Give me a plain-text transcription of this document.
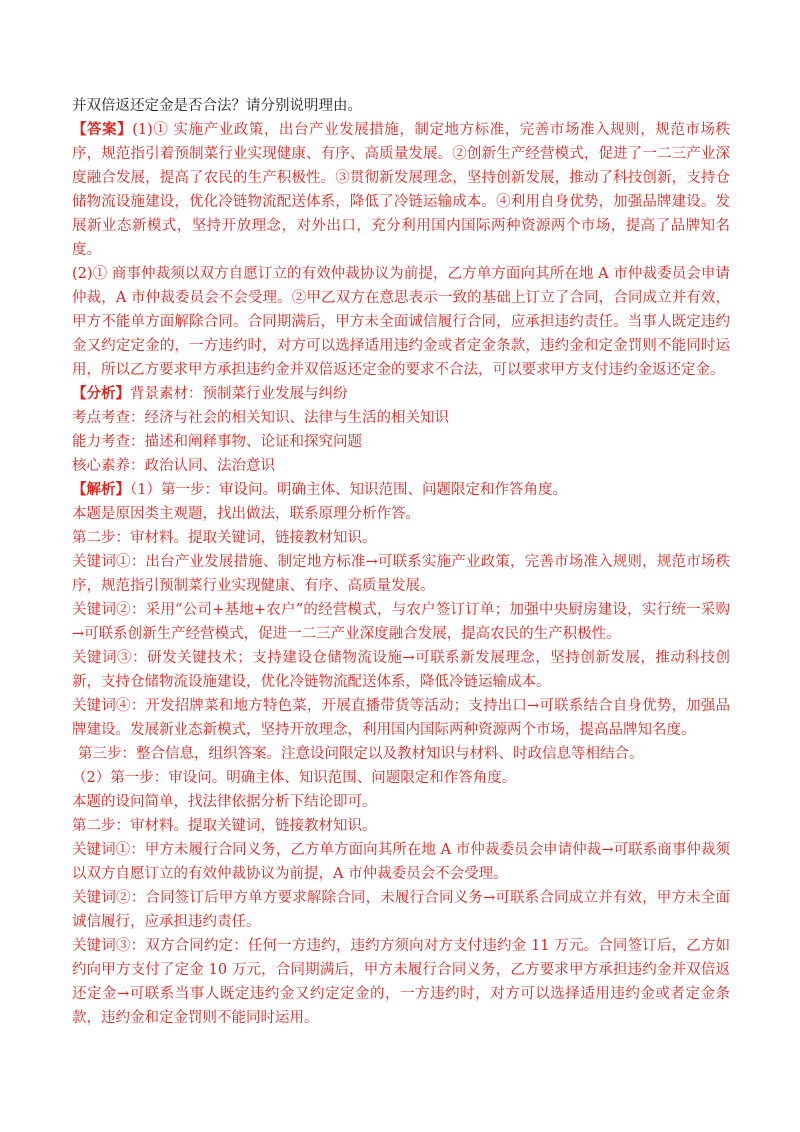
并双倍返还定金是否合法？请分别说明理由。

【答案】(1)① 实施产业政策，出台产业发展措施，制定地方标准，完善市场准入规则，规范市场秩序，规范指引着预制菜行业实现健康、有序、高质量发展。②创新生产经营模式，促进了一二三产业深度融合发展，提高了农民的生产积极性。③贯彻新发展理念，坚持创新发展，推动了科技创新，支持仓储物流设施建设，优化冷链物流配送体系，降低了冷链运输成本。④利用自身优势，加强品牌建设。发展新业态新模式，坚持开放理念，对外出口，充分利用国内国际两种资源两个市场，提高了品牌知名度。

(2)① 商事仲裁须以双方自愿订立的有效仲裁协议为前提，乙方单方面向其所在地 A 市仲裁委员会申请仲裁，A 市仲裁委员会不会受理。②甲乙双方在意思表示一致的基础上订立了合同，合同成立并有效，甲方不能单方面解除合同。合同期满后，甲方未全面诚信履行合同，应承担违约责任。当事人既定违约金又约定定金的，一方违约时，对方可以选择适用违约金或者定金条款，违约金和定金罚则不能同时运用，所以乙方要求甲方承担违约金并双倍返还定金的要求不合法，可以要求甲方支付违约金返还定金。

【分析】背景素材：预制菜行业发展与纠纷

考点考查：经济与社会的相关知识、法律与生活的相关知识

能力考查：描述和阐释事物、论证和探究问题

核心素养：政治认同、法治意识

【解析】（1）第一步：审设问。明确主体、知识范围、问题限定和作答角度。

本题是原因类主观题，找出做法，联系原理分析作答。

第二步：审材料。提取关键词，链接教材知识。

关键词①：出台产业发展措施、制定地方标准→可联系实施产业政策，完善市场准入规则，规范市场秩序，规范指引预制菜行业实现健康、有序、高质量发展。

关键词②：采用“公司+基地+农户”的经营模式，与农户签订订单；加强中央厨房建设，实行统一采购→可联系创新生产经营模式，促进一二三产业深度融合发展，提高农民的生产积极性。

关键词③：研发关键技术；支持建设仓储物流设施→可联系新发展理念，坚持创新发展，推动科技创新，支持仓储物流设施建设，优化冷链物流配送体系，降低冷链运输成本。

关键词④：开发招牌菜和地方特色菜，开展直播带货等活动；支持出口→可联系结合自身优势，加强品牌建设。发展新业态新模式，坚持开放理念，利用国内国际两种资源两个市场，提高品牌知名度。

第三步：整合信息，组织答案。注意设问限定以及教材知识与材料、时政信息等相结合。

（2）第一步：审设问。明确主体、知识范围、问题限定和作答角度。

本题的设问简单，找法律依据分析下结论即可。

第二步：审材料。提取关键词，链接教材知识。

关键词①：甲方未履行合同义务，乙方单方面向其所在地 A 市仲裁委员会申请仲裁→可联系商事仲裁须以双方自愿订立的有效仲裁协议为前提，A 市仲裁委员会不会受理。

关键词②：合同签订后甲方单方要求解除合同，未履行合同义务→可联系合同成立并有效，甲方未全面诚信履行，应承担违约责任。

关键词③：双方合同约定：任何一方违约，违约方须向对方支付违约金 11 万元。合同签订后，乙方如约向甲方支付了定金 10 万元，合同期满后，甲方未履行合同义务，乙方要求甲方承担违约金并双倍返还定金→可联系当事人既定违约金又约定定金的，一方违约时，对方可以选择适用违约金或者定金条款，违约金和定金罚则不能同时运用。
